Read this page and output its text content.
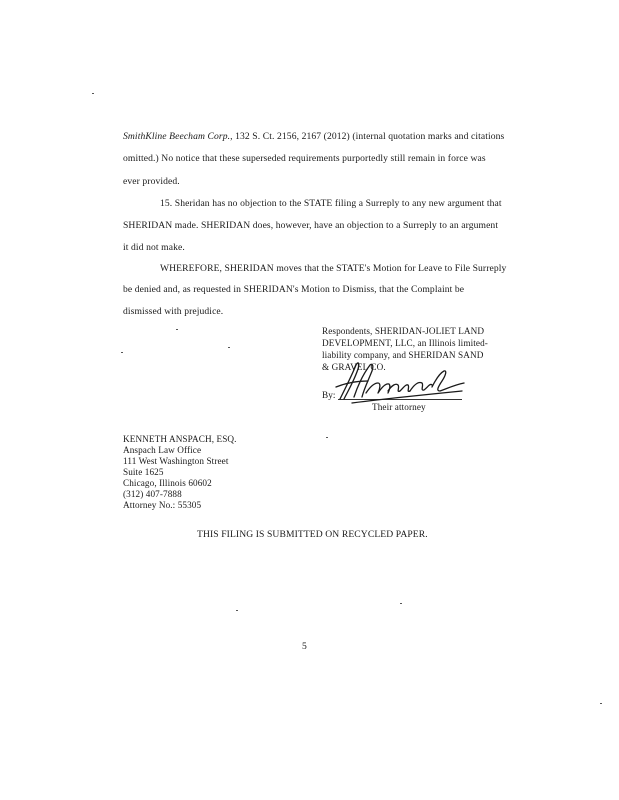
SmithKline Beecham Corp., 132 S. Ct. 2156, 2167 (2012) (internal quotation marks and citations
omitted.) No notice that these superseded requirements purportedly still remain in force was
ever provided.
15. Sheridan has no objection to the STATE filing a Surreply to any new argument that
SHERIDAN made. SHERIDAN does, however, have an objection to a Surreply to an argument
it did not make.
WHEREFORE, SHERIDAN moves that the STATE's Motion for Leave to File Surreply
be denied and, as requested in SHERIDAN's Motion to Dismiss, that the Complaint be
dismissed with prejudice.
Respondents, SHERIDAN-JOLIET LAND
DEVELOPMENT, LLC, an Illinois limited-
liability company, and SHERIDAN SAND
& GRAVEL CO.
By:
Their attorney
KENNETH ANSPACH, ESQ.
Anspach Law Office
111 West Washington Street
Suite 1625
Chicago, Illinois 60602
(312) 407-7888
Attorney No.: 55305
THIS FILING IS SUBMITTED ON RECYCLED PAPER.
5
